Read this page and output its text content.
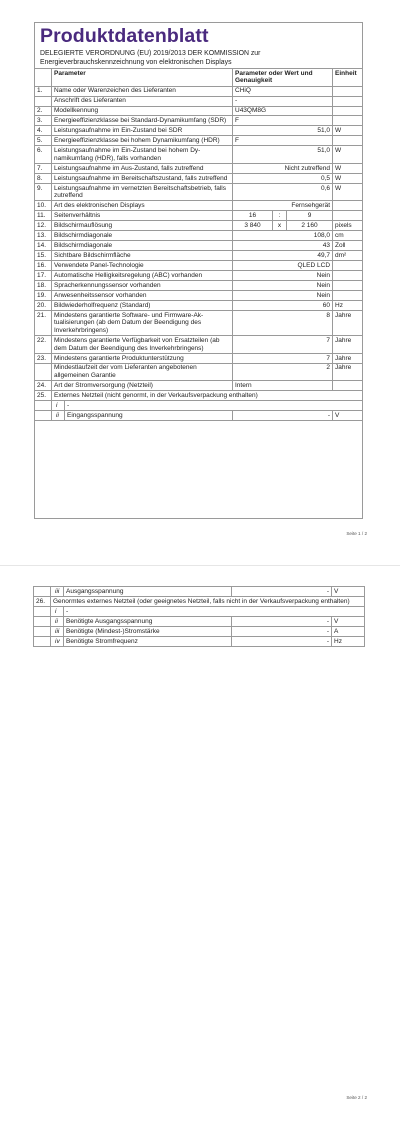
Produktdatenblatt
DELEGIERTE VERORDNUNG (EU) 2019/2013 DER KOMMISSION zur Energieverbrauchskennzeichnung von elektronischen Displays
	Parameter		Parameter oder Wert und Genauigkeit			Einheit
1.	Name oder Warenzeichen des Lieferanten		CHiQ			
	Anschrift des Lieferanten		-			
2.	Modellkennung		U43QM8G			
3.	Energieeffizienzklasse bei Standard-Dynamikumfang (SDR)		F			
4.	Leistungsaufnahme im Ein-Zustand bei SDR		51,0			W
5.	Energieeffizienzklasse bei hohem Dynamikumfang (HDR)		F			
6.	Leistungsaufnahme im Ein-Zustand bei hohem Dynamikumfang (HDR), falls vorhanden		51,0			W
7.	Leistungsaufnahme im Aus-Zustand, falls zutreffend		Nicht zutreffend			W
8.	Leistungsaufnahme im Bereitschaftszustand, falls zutreffend		0,5			W
9.	Leistungsaufnahme im vernetzten Bereitschaftsbetrieb, falls zutreffend		0,6			W
10.	Art des elektronischen Displays		Fernsehgerät			
11.	Seitenverhältnis		16	:	9	
12.	Bildschirmauflösung		3 840	x	2 160	pixels
13.	Bildschirmdiagonale		108,0			cm
14.	Bildschirmdiagonale		43			Zoll
15.	Sichtbare Bildschirmfläche		49,7			dm²
16.	Verwendete Panel-Technologie		QLED LCD			
17.	Automatische Helligkeitsregelung (ABC) vorhanden		Nein			
18.	Spracherkennungssensor vorhanden		Nein			
19.	Anwesenheitssensor vorhanden		Nein			
20.	Bildwiederholfrequenz (Standard)		60			Hz
21.	Mindestens garantierte Software- und Firmware-Aktualisierungen (ab dem Datum der Beendigung des Inverkehrbringens)		8			Jahre
22.	Mindestens garantierte Verfügbarkeit von Ersatzteilen (ab dem Datum der Beendigung des Inverkehrbringens)		7			Jahre
23.	Mindestens garantierte Produktunterstützung		7			Jahre
	Mindestlaufzeit der vom Lieferanten angebotenen allgemeinen Garantie		2			Jahre
24.	Art der Stromversorgung (Netzteil)		Intern			
25.	Externes Netzteil (nicht genormt, in der Verkaufsverpackung enthalten)					
	i	-				
	ii	Eingangsspannung	-			V
Seite 1 / 2
	iii	Ausgangsspannung	-	V
26.	Genormtes externes Netzteil (oder geeignetes Netzteil, falls nicht in der Verkaufsverpackung enthalten)			
	i	-		
	ii	Benötigte Ausgangsspannung	-	V
	iii	Benötigte (Mindest-)Stromstärke	-	A
	iv	Benötigte Stromfrequenz	-	Hz
Seite 2 / 2
